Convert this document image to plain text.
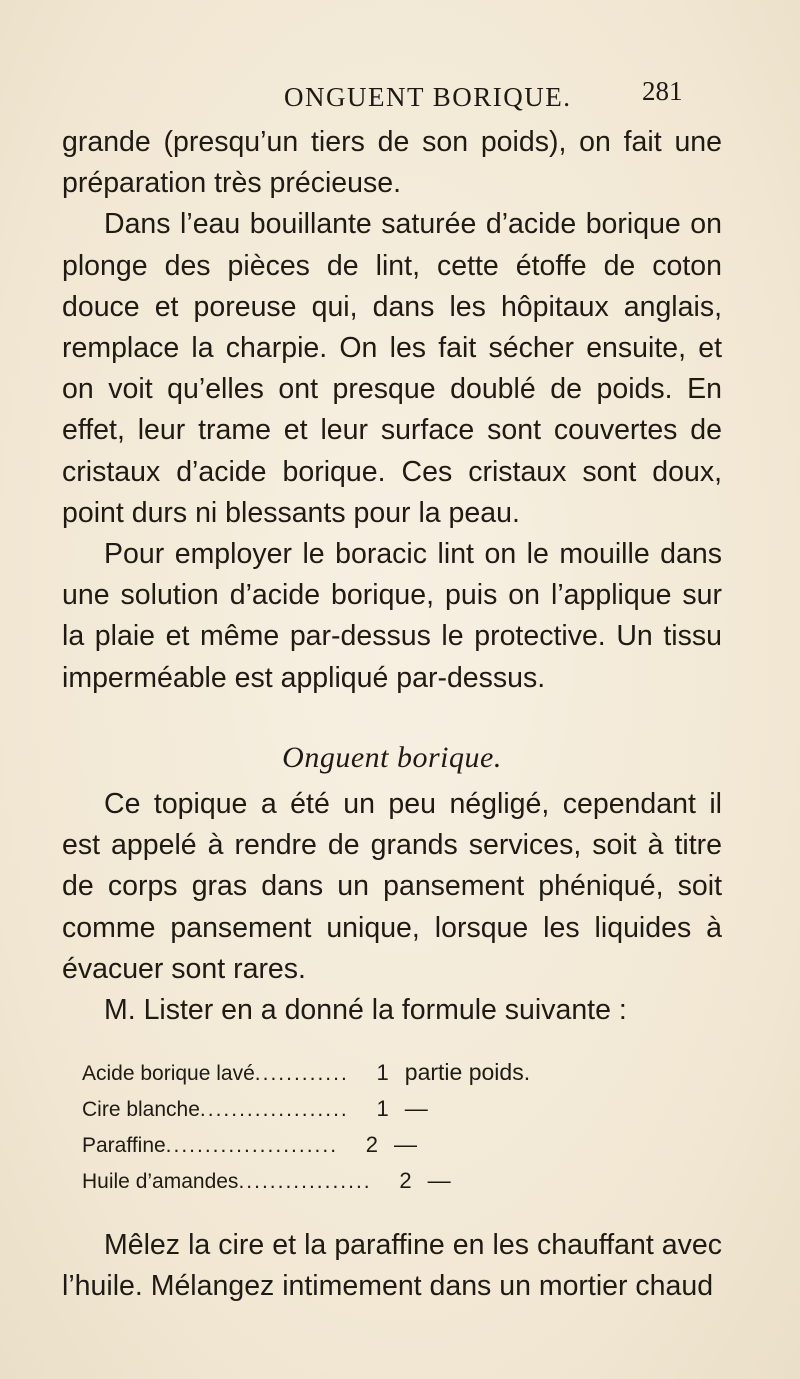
ONGUENT BORIQUE.	281

grande (presqu’un tiers de son poids), on fait une préparation très précieuse.

Dans l’eau bouillante saturée d’acide borique on plonge des pièces de lint, cette étoffe de coton douce et poreuse qui, dans les hôpitaux anglais, remplace la charpie. On les fait sécher ensuite, et on voit qu’elles ont presque doublé de poids. En effet, leur trame et leur surface sont couvertes de cristaux d’acide borique. Ces cristaux sont doux, point durs ni blessants pour la peau.

Pour employer le boracic lint on le mouille dans une solution d’acide borique, puis on l’applique sur la plaie et même par-dessus le protective. Un tissu imperméable est appliqué par-dessus.

Onguent borique.

Ce topique a été un peu négligé, cependant il est appelé à rendre de grands services, soit à titre de corps gras dans un pansement phéniqué, soit comme pansement unique, lorsque les liquides à évacuer sont rares.

M. Lister en a donné la formule suivante :

Acide borique lavé ............	1 partie poids.
Cire blanche ...................	1 —
Paraffine ......................	2 —
Huile d’amandes .................	2 —

Mêlez la cire et la paraffine en les chauffant avec l’huile. Mélangez intimement dans un mortier chaud
